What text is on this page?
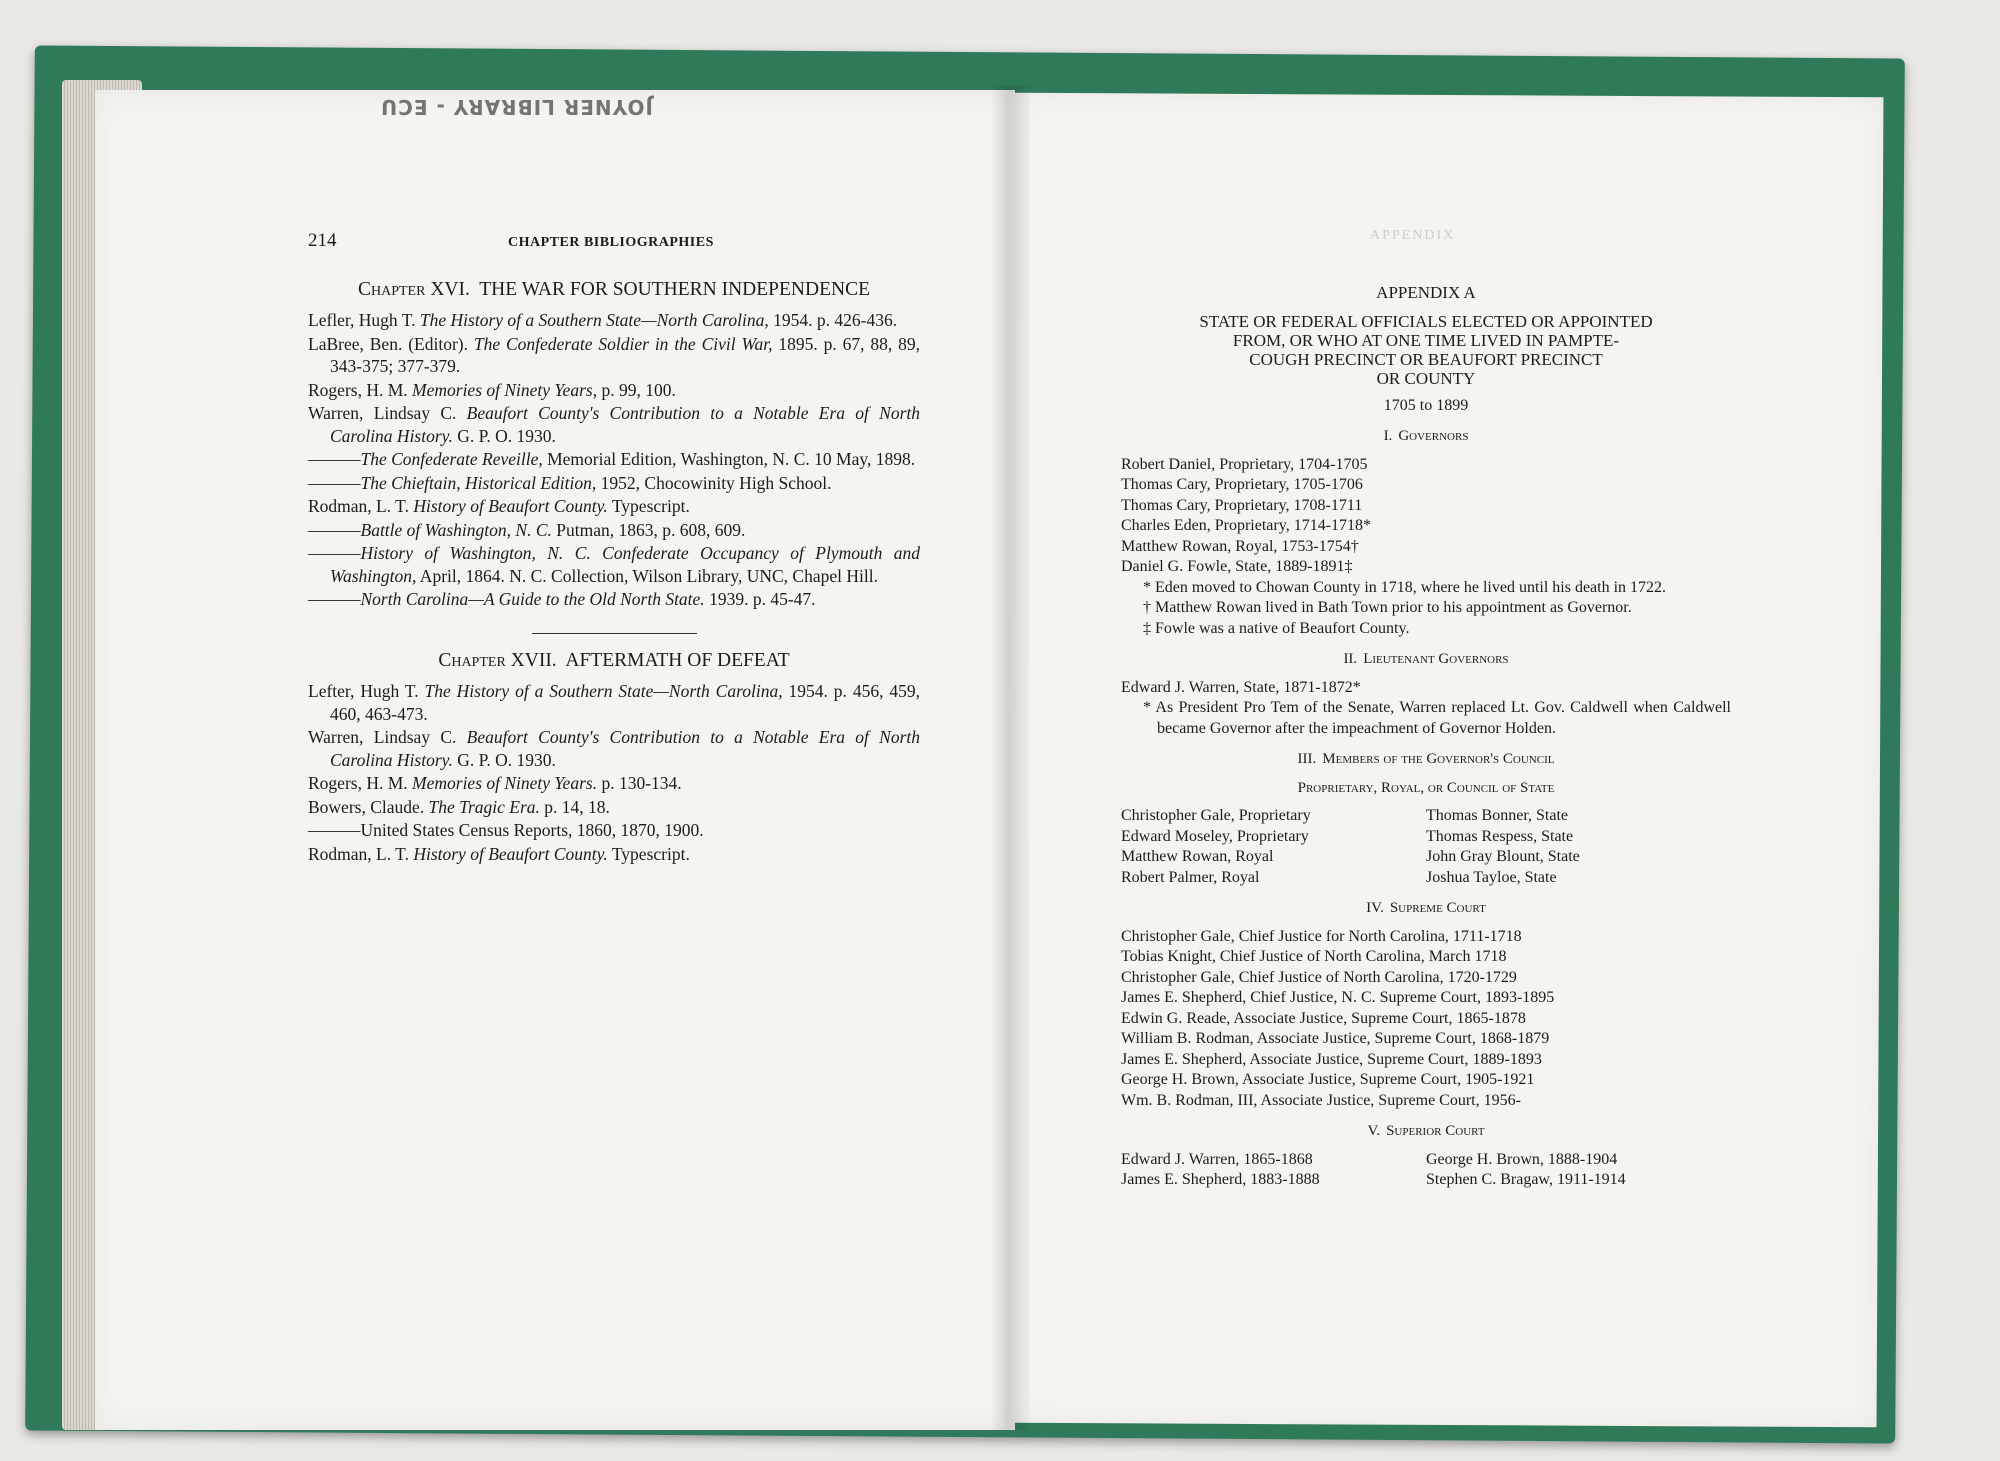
JOYNER LIBRARY - ECU
APPENDIX
214	CHAPTER BIBLIOGRAPHIES
Chapter XVI. THE WAR FOR SOUTHERN INDEPENDENCE
Lefler, Hugh T. The History of a Southern State—North Carolina, 1954. p. 426-436.
LaBree, Ben. (Editor). The Confederate Soldier in the Civil War, 1895. p. 67, 88, 89, 343-375; 377-379.
Rogers, H. M. Memories of Ninety Years, p. 99, 100.
Warren, Lindsay C. Beaufort County's Contribution to a Notable Era of North Carolina History. G. P. O. 1930.
———The Confederate Reveille, Memorial Edition, Washington, N. C. 10 May, 1898.
———The Chieftain, Historical Edition, 1952, Chocowinity High School.
Rodman, L. T. History of Beaufort County. Typescript.
———Battle of Washington, N. C. Putman, 1863, p. 608, 609.
———History of Washington, N. C. Confederate Occupancy of Plymouth and Washington, April, 1864. N. C. Collection, Wilson Library, UNC, Chapel Hill.
———North Carolina—A Guide to the Old North State. 1939. p. 45-47.
Chapter XVII. AFTERMATH OF DEFEAT
Lefter, Hugh T. The History of a Southern State—North Carolina, 1954. p. 456, 459, 460, 463-473.
Warren, Lindsay C. Beaufort County's Contribution to a Notable Era of North Carolina History. G. P. O. 1930.
Rogers, H. M. Memories of Ninety Years. p. 130-134.
Bowers, Claude. The Tragic Era. p. 14, 18.
———United States Census Reports, 1860, 1870, 1900.
Rodman, L. T. History of Beaufort County. Typescript.
APPENDIX A
STATE OR FEDERAL OFFICIALS ELECTED OR APPOINTED
FROM, OR WHO AT ONE TIME LIVED IN PAMPTE-
COUGH PRECINCT OR BEAUFORT PRECINCT
OR COUNTY
1705 to 1899
I. Governors
Robert Daniel, Proprietary, 1704-1705
Thomas Cary, Proprietary, 1705-1706
Thomas Cary, Proprietary, 1708-1711
Charles Eden, Proprietary, 1714-1718*
Matthew Rowan, Royal, 1753-1754†
Daniel G. Fowle, State, 1889-1891‡
* Eden moved to Chowan County in 1718, where he lived until his death in 1722.
† Matthew Rowan lived in Bath Town prior to his appointment as Governor.
‡ Fowle was a native of Beaufort County.
II. Lieutenant Governors
Edward J. Warren, State, 1871-1872*
* As President Pro Tem of the Senate, Warren replaced Lt. Gov. Caldwell when Caldwell became Governor after the impeachment of Governor Holden.
III. Members of the Governor's Council
Proprietary, Royal, or Council of State
Christopher Gale, Proprietary
Edward Moseley, Proprietary
Matthew Rowan, Royal
Robert Palmer, Royal
Thomas Bonner, State
Thomas Respess, State
John Gray Blount, State
Joshua Tayloe, State
IV. Supreme Court
Christopher Gale, Chief Justice for North Carolina, 1711-1718
Tobias Knight, Chief Justice of North Carolina, March 1718
Christopher Gale, Chief Justice of North Carolina, 1720-1729
James E. Shepherd, Chief Justice, N. C. Supreme Court, 1893-1895
Edwin G. Reade, Associate Justice, Supreme Court, 1865-1878
William B. Rodman, Associate Justice, Supreme Court, 1868-1879
James E. Shepherd, Associate Justice, Supreme Court, 1889-1893
George H. Brown, Associate Justice, Supreme Court, 1905-1921
Wm. B. Rodman, III, Associate Justice, Supreme Court, 1956-
V. Superior Court
Edward J. Warren, 1865-1868
James E. Shepherd, 1883-1888
George H. Brown, 1888-1904
Stephen C. Bragaw, 1911-1914
